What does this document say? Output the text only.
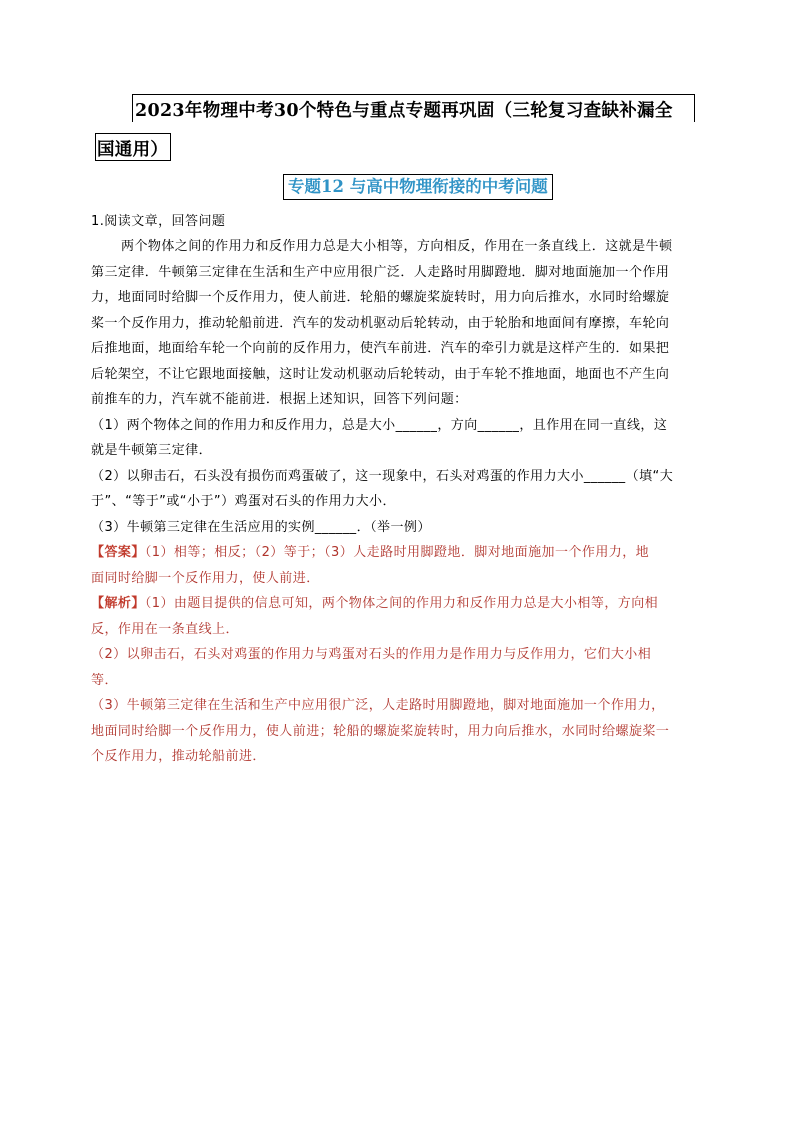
2023年物理中考30个特色与重点专题再巩固（三轮复习查缺补漏全
国通用）
专题12 与高中物理衔接的中考问题
1.阅读文章，回答问题
两个物体之间的作用力和反作用力总是大小相等，方向相反，作用在一条直线上．这就是牛顿
第三定律．牛顿第三定律在生活和生产中应用很广泛．人走路时用脚蹬地．脚对地面施加一个作用
力，地面同时给脚一个反作用力，使人前进．轮船的螺旋桨旋转时，用力向后推水，水同时给螺旋
桨一个反作用力，推动轮船前进．汽车的发动机驱动后轮转动，由于轮胎和地面间有摩擦，车轮向
后推地面，地面给车轮一个向前的反作用力，使汽车前进．汽车的牵引力就是这样产生的．如果把
后轮架空，不让它跟地面接触，这时让发动机驱动后轮转动，由于车轮不推地面，地面也不产生向
前推车的力，汽车就不能前进．根据上述知识，回答下列问题：
（1）两个物体之间的作用力和反作用力，总是大小______，方向______，且作用在同一直线，这
就是牛顿第三定律．
（2）以卵击石，石头没有损伤而鸡蛋破了，这一现象中，石头对鸡蛋的作用力大小______（填“大
于”、“等于”或“小于”）鸡蛋对石头的作用力大小．
（3）牛顿第三定律在生活应用的实例______．（举一例）
【答案】（1）相等；相反；（2）等于；（3）人走路时用脚蹬地．脚对地面施加一个作用力，地
面同时给脚一个反作用力，使人前进．
【解析】（1）由题目提供的信息可知，两个物体之间的作用力和反作用力总是大小相等，方向相
反，作用在一条直线上．
（2）以卵击石，石头对鸡蛋的作用力与鸡蛋对石头的作用力是作用力与反作用力，它们大小相
等．
（3）牛顿第三定律在生活和生产中应用很广泛，人走路时用脚蹬地，脚对地面施加一个作用力，
地面同时给脚一个反作用力，使人前进；轮船的螺旋桨旋转时，用力向后推水，水同时给螺旋桨一
个反作用力，推动轮船前进．
